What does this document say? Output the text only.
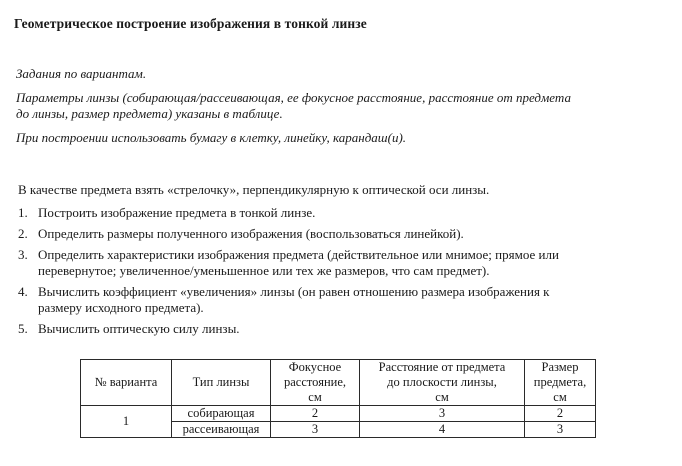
Геометрическое построение изображения в тонкой линзе
Задания по вариантам.
Параметры линзы (собирающая/рассеивающая, ее фокусное расстояние, расстояние от предмета
до линзы, размер предмета) указаны в таблице.
При построении использовать бумагу в клетку, линейку, карандаш(и).
В качестве предмета взять «стрелочку», перпендикулярную к оптической оси линзы.
1. Построить изображение предмета в тонкой линзе.
2. Определить размеры полученного изображения (воспользоваться линейкой).
3. Определить характеристики изображения предмета (действительное или мнимое; прямое или
перевернутое; увеличенное/уменьшенное или тех же размеров, что сам предмет).
4. Вычислить коэффициент «увеличения» линзы (он равен отношению размера изображения к
размеру исходного предмета).
5. Вычислить оптическую силу линзы.
№ варианта	Тип линзы	Фокусное
расстояние,
см	Расстояние от предмета
до плоскости линзы,
см	Размер
предмета,
см
1	собирающая	2	3	2
	рассеивающая	3	4	3
